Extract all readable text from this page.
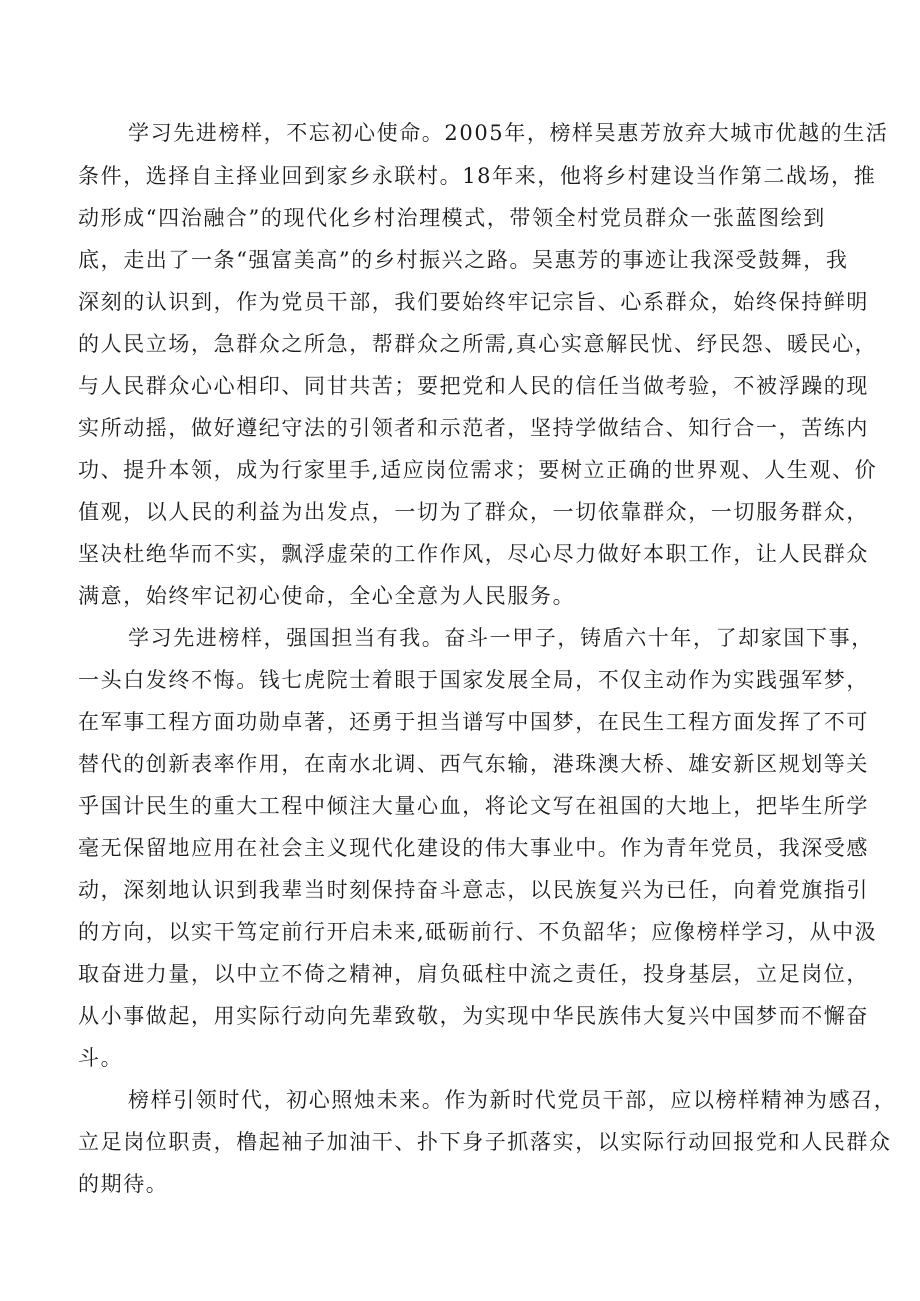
学习先进榜样，不忘初心使命。2005年，榜样吴惠芳放弃大城市优越的生活
条件，选择自主择业回到家乡永联村。18年来，他将乡村建设当作第二战场，推
动形成“四治融合”的现代化乡村治理模式，带领全村党员群众一张蓝图绘到
底，走出了一条“强富美高”的乡村振兴之路。吴惠芳的事迹让我深受鼓舞，我
深刻的认识到，作为党员干部，我们要始终牢记宗旨、心系群众，始终保持鲜明
的人民立场，急群众之所急，帮群众之所需,真心实意解民忧、纾民怨、暖民心，
与人民群众心心相印、同甘共苦；要把党和人民的信任当做考验，不被浮躁的现
实所动摇，做好遵纪守法的引领者和示范者，坚持学做结合、知行合一，苦练内
功、提升本领，成为行家里手,适应岗位需求；要树立正确的世界观、人生观、价
值观，以人民的利益为出发点，一切为了群众，一切依靠群众，一切服务群众，
坚决杜绝华而不实，飘浮虚荣的工作作风，尽心尽力做好本职工作，让人民群众
满意，始终牢记初心使命，全心全意为人民服务。
学习先进榜样，强国担当有我。奋斗一甲子，铸盾六十年，了却家国下事，
一头白发终不悔。钱七虎院士着眼于国家发展全局，不仅主动作为实践强军梦，
在军事工程方面功勋卓著，还勇于担当谱写中国梦，在民生工程方面发挥了不可
替代的创新表率作用，在南水北调、西气东输，港珠澳大桥、雄安新区规划等关
乎国计民生的重大工程中倾注大量心血，将论文写在祖国的大地上，把毕生所学
毫无保留地应用在社会主义现代化建设的伟大事业中。作为青年党员，我深受感
动，深刻地认识到我辈当时刻保持奋斗意志，以民族复兴为已任，向着党旗指引
的方向，以实干笃定前行开启未来,砥砺前行、不负韶华；应像榜样学习，从中汲
取奋进力量，以中立不倚之精神，肩负砥柱中流之责任，投身基层，立足岗位，
从小事做起，用实际行动向先辈致敬，为实现中华民族伟大复兴中国梦而不懈奋
斗。
榜样引领时代，初心照烛未来。作为新时代党员干部，应以榜样精神为感召，
立足岗位职责，橹起袖子加油干、扑下身子抓落实，以实际行动回报党和人民群众
的期待。
